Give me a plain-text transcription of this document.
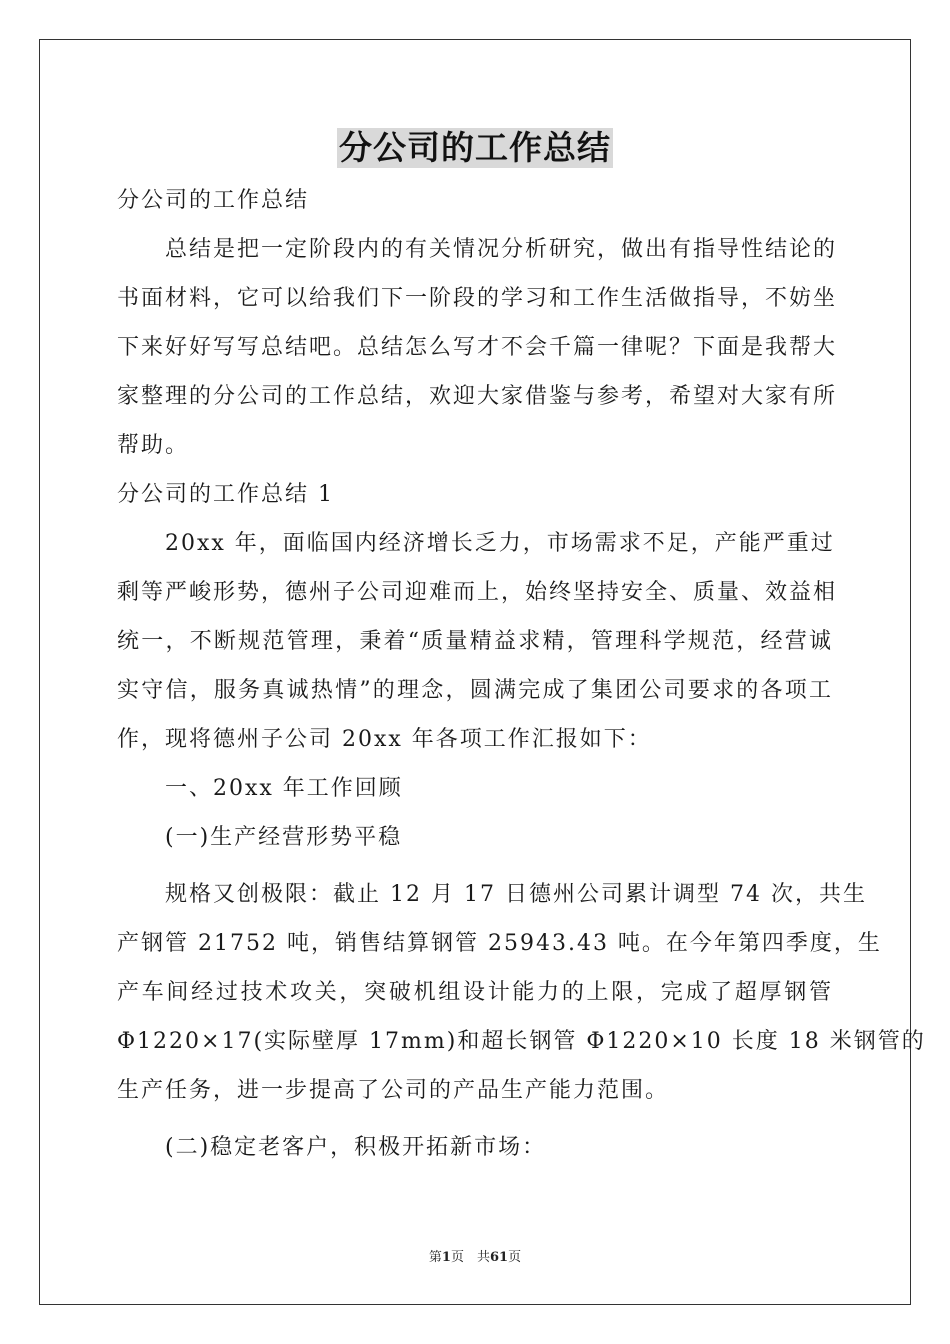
分公司的工作总结
分公司的工作总结
总结是把一定阶段内的有关情况分析研究，做出有指导性结论的
书面材料，它可以给我们下一阶段的学习和工作生活做指导，不妨坐
下来好好写写总结吧。总结怎么写才不会千篇一律呢？下面是我帮大
家整理的分公司的工作总结，欢迎大家借鉴与参考，希望对大家有所
帮助。
分公司的工作总结 1
20xx 年，面临国内经济增长乏力，市场需求不足，产能严重过
剩等严峻形势，德州子公司迎难而上，始终坚持安全、质量、效益相
统一，不断规范管理，秉着“质量精益求精，管理科学规范，经营诚
实守信，服务真诚热情”的理念，圆满完成了集团公司要求的各项工
作，现将德州子公司 20xx 年各项工作汇报如下：
一、20xx 年工作回顾
(一)生产经营形势平稳
规格又创极限：截止 12 月 17 日德州公司累计调型 74 次，共生
产钢管 21752 吨，销售结算钢管 25943.43 吨。在今年第四季度，生
产车间经过技术攻关，突破机组设计能力的上限，完成了超厚钢管
Φ1220×17(实际壁厚 17mm)和超长钢管 Φ1220×10 长度 18 米钢管的
生产任务，进一步提高了公司的产品生产能力范围。
(二)稳定老客户，积极开拓新市场：
第1页　共61页
